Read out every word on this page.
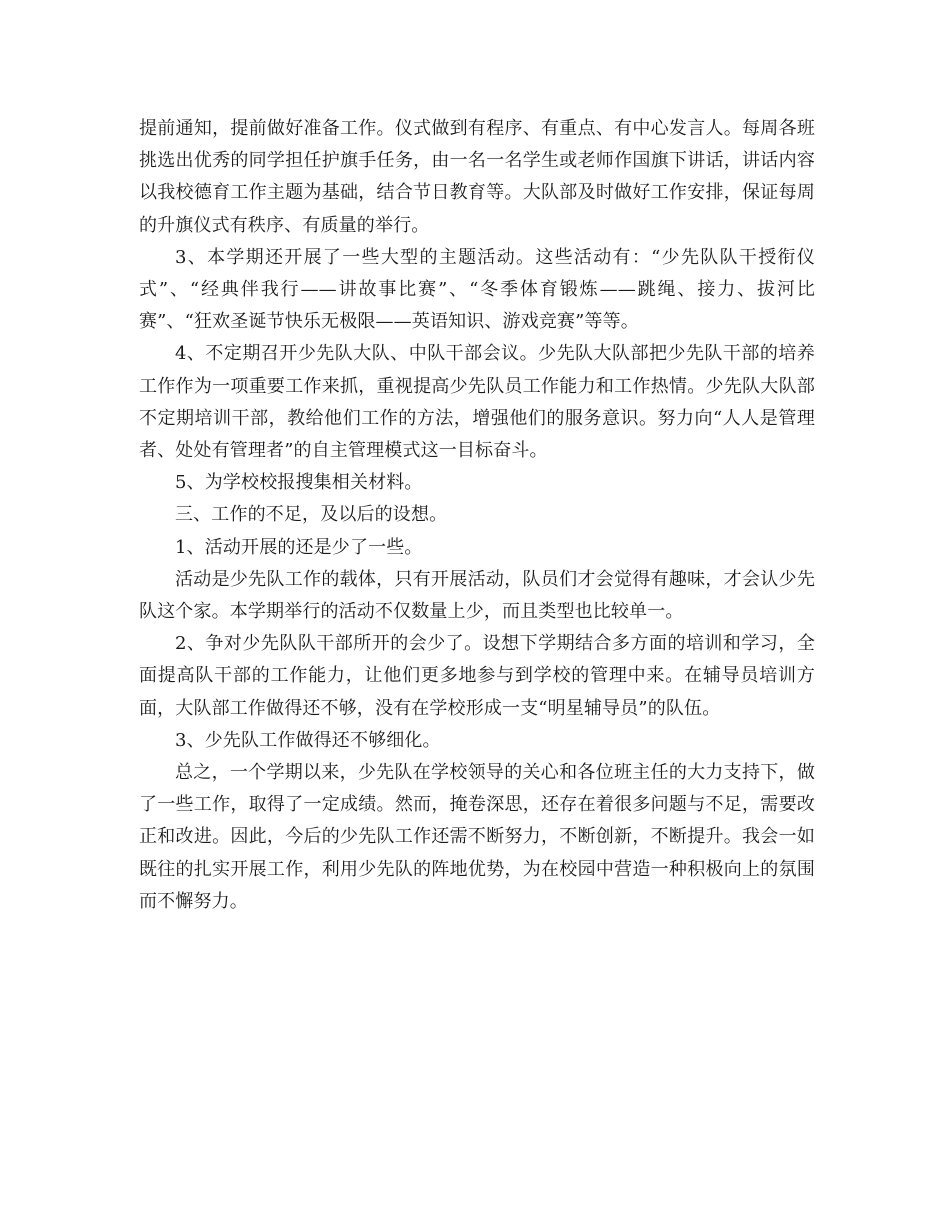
提前通知，提前做好准备工作。仪式做到有程序、有重点、有中心发言人。每周各班挑选出优秀的同学担任护旗手任务，由一名一名学生或老师作国旗下讲话，讲话内容以我校德育工作主题为基础，结合节日教育等。大队部及时做好工作安排，保证每周的升旗仪式有秩序、有质量的举行。

3、本学期还开展了一些大型的主题活动。这些活动有：“少先队队干授衔仪式”、“经典伴我行——讲故事比赛”、“冬季体育锻炼——跳绳、接力、拔河比赛”、“狂欢圣诞节快乐无极限——英语知识、游戏竞赛”等等。

4、不定期召开少先队大队、中队干部会议。少先队大队部把少先队干部的培养工作作为一项重要工作来抓，重视提高少先队员工作能力和工作热情。少先队大队部不定期培训干部，教给他们工作的方法，增强他们的服务意识。努力向“人人是管理者、处处有管理者”的自主管理模式这一目标奋斗。

5、为学校校报搜集相关材料。

三、工作的不足，及以后的设想。

1、活动开展的还是少了一些。

活动是少先队工作的载体，只有开展活动，队员们才会觉得有趣味，才会认少先队这个家。本学期举行的活动不仅数量上少，而且类型也比较单一。

2、争对少先队队干部所开的会少了。设想下学期结合多方面的培训和学习，全面提高队干部的工作能力，让他们更多地参与到学校的管理中来。在辅导员培训方面，大队部工作做得还不够，没有在学校形成一支“明星辅导员”的队伍。

3、少先队工作做得还不够细化。

总之，一个学期以来，少先队在学校领导的关心和各位班主任的大力支持下，做了一些工作，取得了一定成绩。然而，掩卷深思，还存在着很多问题与不足，需要改正和改进。因此，今后的少先队工作还需不断努力，不断创新，不断提升。我会一如既往的扎实开展工作，利用少先队的阵地优势，为在校园中营造一种积极向上的氛围而不懈努力。
